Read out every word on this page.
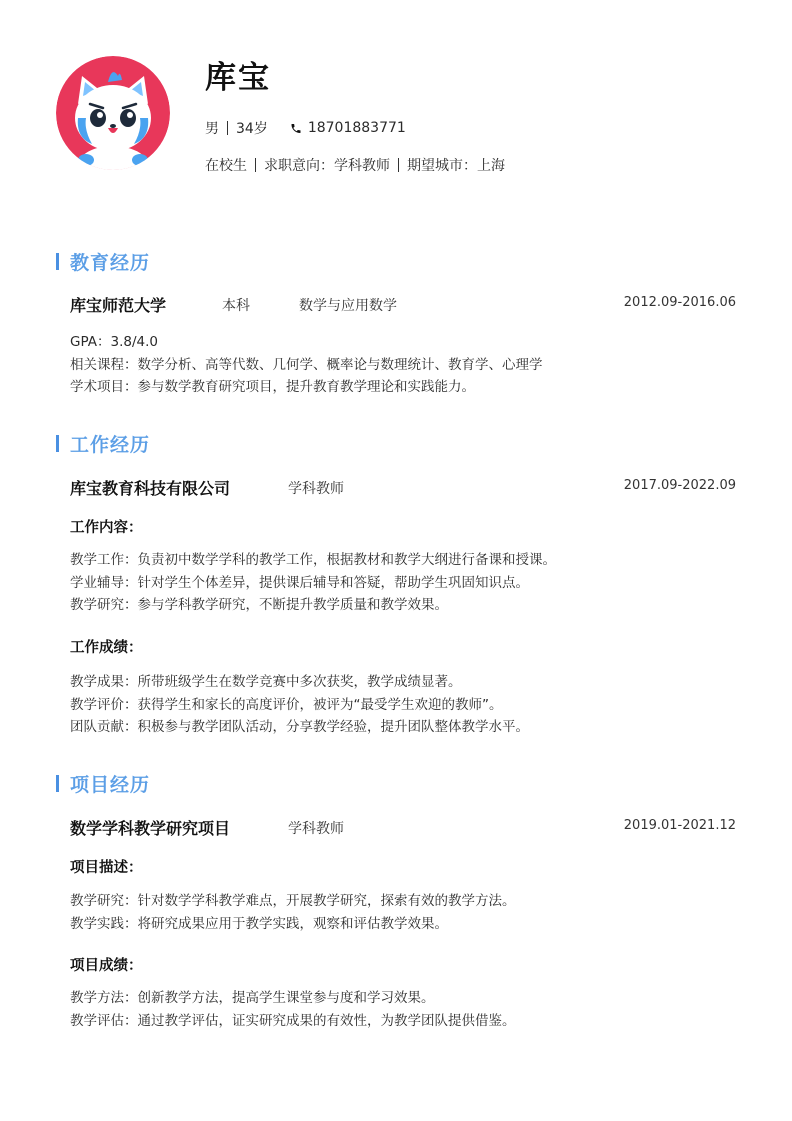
库宝
男 34岁	18701883771
在校生 求职意向：学科教师 期望城市：上海
教育经历
库宝师范大学	本科	数学与应用数学	2012.09-2016.06
GPA：3.8/4.0
相关课程：数学分析、高等代数、几何学、概率论与数理统计、教育学、心理学
学术项目：参与数学教育研究项目，提升教育教学理论和实践能力。
工作经历
库宝教育科技有限公司	学科教师	2017.09-2022.09
工作内容：
教学工作：负责初中数学学科的教学工作，根据教材和教学大纲进行备课和授课。
学业辅导：针对学生个体差异，提供课后辅导和答疑，帮助学生巩固知识点。
教学研究：参与学科教学研究，不断提升教学质量和教学效果。
工作成绩：
教学成果：所带班级学生在数学竞赛中多次获奖，教学成绩显著。
教学评价：获得学生和家长的高度评价，被评为“最受学生欢迎的教师”。
团队贡献：积极参与教学团队活动，分享教学经验，提升团队整体教学水平。
项目经历
数学学科教学研究项目	学科教师	2019.01-2021.12
项目描述：
教学研究：针对数学学科教学难点，开展教学研究，探索有效的教学方法。
教学实践：将研究成果应用于教学实践，观察和评估教学效果。
项目成绩：
教学方法：创新教学方法，提高学生课堂参与度和学习效果。
教学评估：通过教学评估，证实研究成果的有效性，为教学团队提供借鉴。
